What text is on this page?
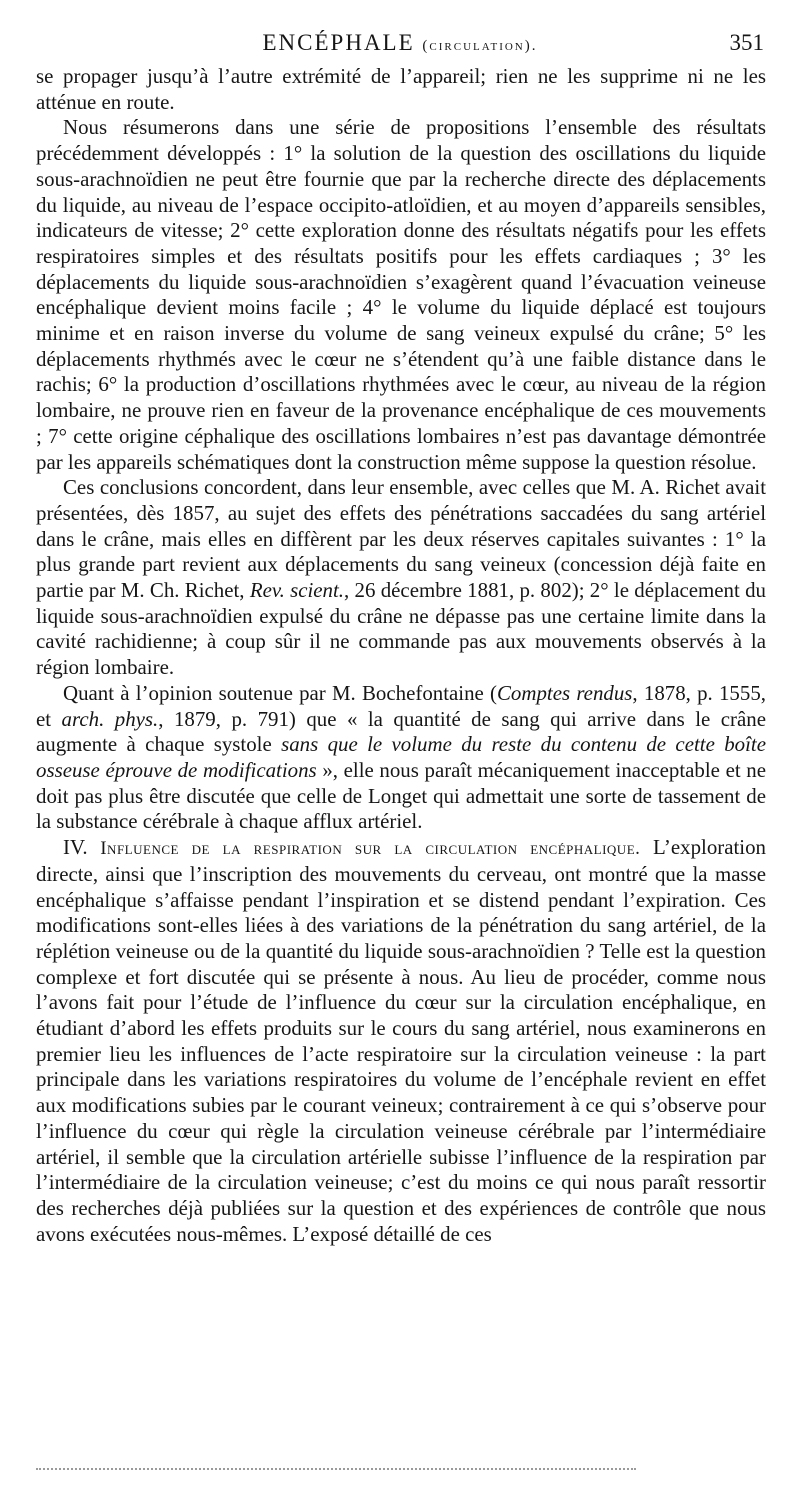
ENCÉPHALE (circulation).	351

se propager jusqu’à l’autre extrémité de l’appareil; rien ne les supprime ni ne les atténue en route.

Nous résumerons dans une série de propositions l’ensemble des résultats précédemment développés : 1° la solution de la question des oscillations du liquide sous-arachnoïdien ne peut être fournie que par la recherche directe des déplacements du liquide, au niveau de l’espace occipito-atloïdien, et au moyen d’appareils sensibles, indicateurs de vitesse; 2° cette exploration donne des résultats négatifs pour les effets respiratoires simples et des résultats positifs pour les effets cardiaques ; 3° les déplacements du liquide sous-arachnoïdien s’exagèrent quand l’évacuation veineuse encéphalique devient moins facile ; 4° le volume du liquide déplacé est toujours minime et en raison inverse du volume de sang veineux expulsé du crâne; 5° les déplacements rhythmés avec le cœur ne s’étendent qu’à une faible distance dans le rachis; 6° la production d’oscillations rhythmées avec le cœur, au niveau de la région lombaire, ne prouve rien en faveur de la provenance encéphalique de ces mouvements ; 7° cette origine céphalique des oscillations lombaires n’est pas davantage démontrée par les appareils schématiques dont la construction même suppose la question résolue.

Ces conclusions concordent, dans leur ensemble, avec celles que M. A. Richet avait présentées, dès 1857, au sujet des effets des pénétrations saccadées du sang artériel dans le crâne, mais elles en diffèrent par les deux réserves capitales suivantes : 1° la plus grande part revient aux déplacements du sang veineux (concession déjà faite en partie par M. Ch. Richet, Rev. scient., 26 décembre 1881, p. 802); 2° le déplacement du liquide sous-arachnoïdien expulsé du crâne ne dépasse pas une certaine limite dans la cavité rachidienne; à coup sûr il ne commande pas aux mouvements observés à la région lombaire.

Quant à l’opinion soutenue par M. Bochefontaine (Comptes rendus, 1878, p. 1555, et arch. phys., 1879, p. 791) que « la quantité de sang qui arrive dans le crâne augmente à chaque systole sans que le volume du reste du contenu de cette boîte osseuse éprouve de modifications », elle nous paraît mécaniquement inacceptable et ne doit pas plus être discutée que celle de Longet qui admettait une sorte de tassement de la substance cérébrale à chaque afflux artériel.

IV. Influence de la respiration sur la circulation encéphalique. L’exploration directe, ainsi que l’inscription des mouvements du cerveau, ont montré que la masse encéphalique s’affaisse pendant l’inspiration et se distend pendant l’expiration. Ces modifications sont-elles liées à des variations de la pénétration du sang artériel, de la réplétion veineuse ou de la quantité du liquide sous-arachnoïdien ? Telle est la question complexe et fort discutée qui se présente à nous. Au lieu de procéder, comme nous l’avons fait pour l’étude de l’influence du cœur sur la circulation encéphalique, en étudiant d’abord les effets produits sur le cours du sang artériel, nous examinerons en premier lieu les influences de l’acte respiratoire sur la circulation veineuse : la part principale dans les variations respiratoires du volume de l’encéphale revient en effet aux modifications subies par le courant veineux; contrairement à ce qui s’observe pour l’influence du cœur qui règle la circulation veineuse cérébrale par l’intermédiaire artériel, il semble que la circulation artérielle subisse l’influence de la respiration par l’intermédiaire de la circulation veineuse; c’est du moins ce qui nous paraît ressortir des recherches déjà publiées sur la question et des expériences de contrôle que nous avons exécutées nous-mêmes. L’exposé détaillé de ces
